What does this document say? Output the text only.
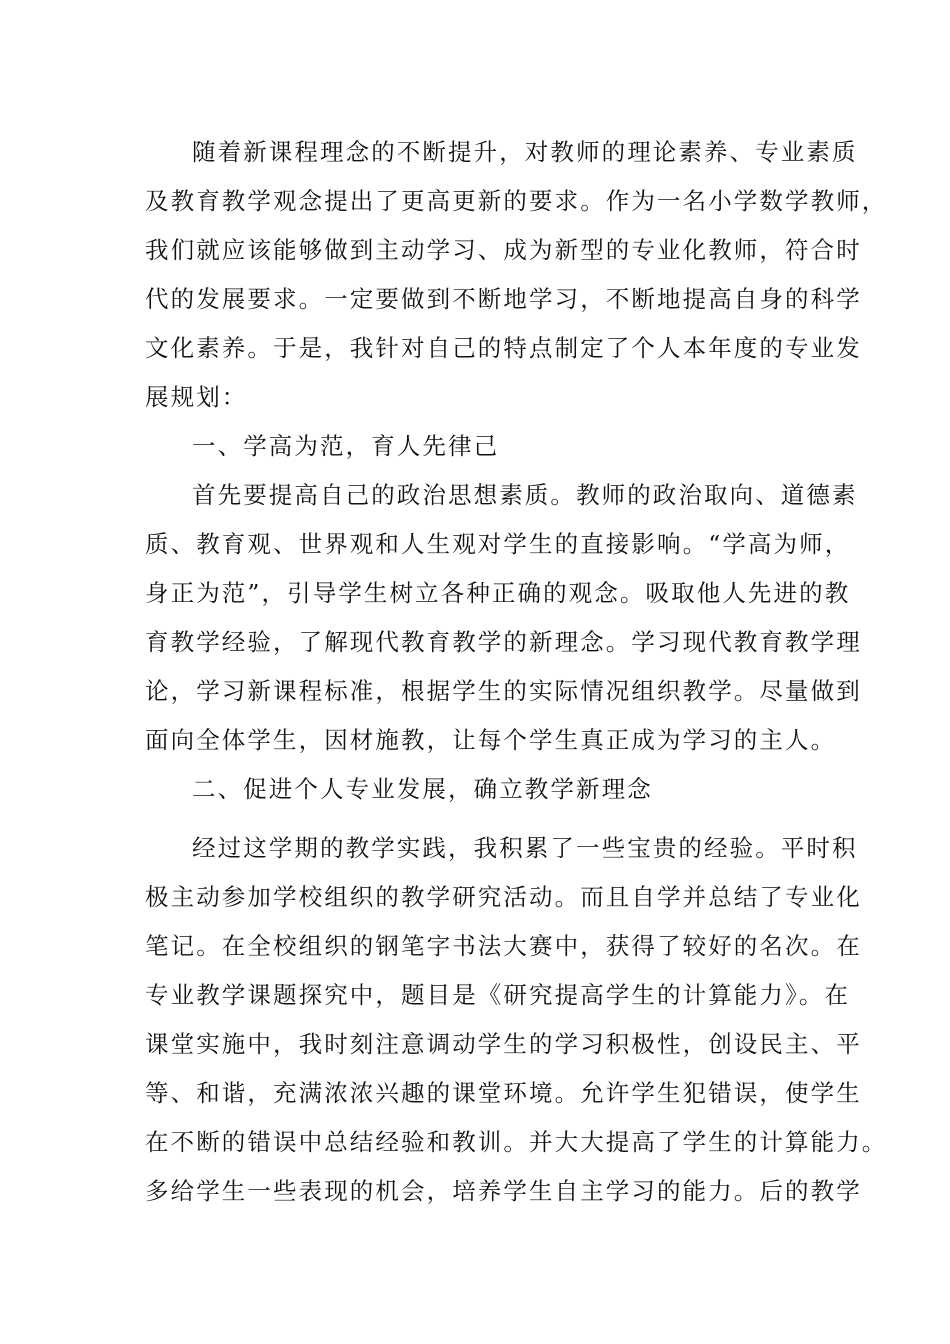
随着新课程理念的不断提升，对教师的理论素养、专业素质
及教育教学观念提出了更高更新的要求。作为一名小学数学教师，
我们就应该能够做到主动学习、成为新型的专业化教师，符合时
代的发展要求。一定要做到不断地学习，不断地提高自身的科学
文化素养。于是，我针对自己的特点制定了个人本年度的专业发
展规划：
一、学高为范，育人先律己
首先要提高自己的政治思想素质。教师的政治取向、道德素
质、教育观、世界观和人生观对学生的直接影响。“学高为师，
身正为范”，引导学生树立各种正确的观念。吸取他人先进的教
育教学经验，了解现代教育教学的新理念。学习现代教育教学理
论，学习新课程标准，根据学生的实际情况组织教学。尽量做到
面向全体学生，因材施教，让每个学生真正成为学习的主人。
二、促进个人专业发展，确立教学新理念
经过这学期的教学实践，我积累了一些宝贵的经验。平时积
极主动参加学校组织的教学研究活动。而且自学并总结了专业化
笔记。在全校组织的钢笔字书法大赛中，获得了较好的名次。在
专业教学课题探究中，题目是《研究提高学生的计算能力》。在
课堂实施中，我时刻注意调动学生的学习积极性，创设民主、平
等、和谐，充满浓浓兴趣的课堂环境。允许学生犯错误，使学生
在不断的错误中总结经验和教训。并大大提高了学生的计算能力。
多给学生一些表现的机会，培养学生自主学习的能力。后的教学
